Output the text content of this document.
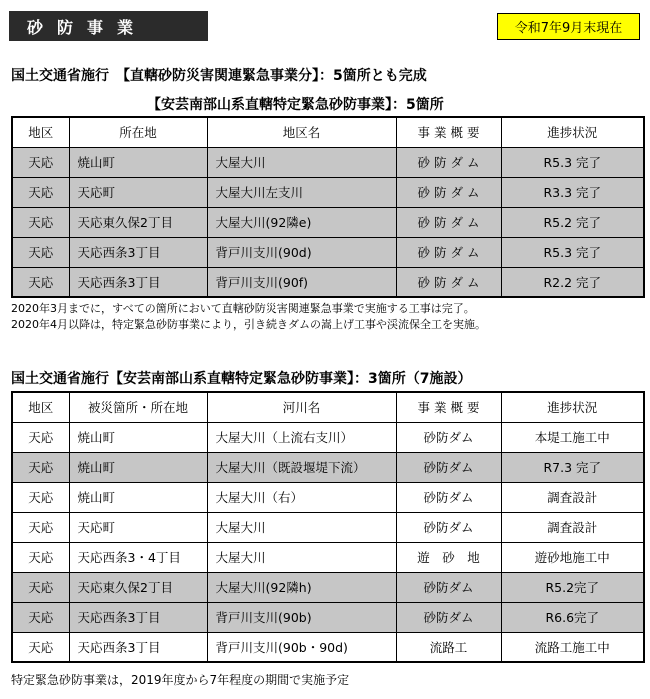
砂防事業	令和7年9月末現在
国土交通省施行　【直轄砂防災害関連緊急事業分】：5箇所とも完成
【安芸南部山系直轄特定緊急砂防事業】：5箇所
地区	所在地	地区名	事 業 概 要	進捗状況
天応	焼山町	大屋大川	砂 防 ダ ム	R5.3 完了
天応	天応町	大屋大川左支川	砂 防 ダ ム	R3.3 完了
天応	天応東久保2丁目	大屋大川(92隣e)	砂 防 ダ ム	R5.2 完了
天応	天応西条3丁目	背戸川支川(90d)	砂 防 ダ ム	R5.3 完了
天応	天応西条3丁目	背戸川支川(90f)	砂 防 ダ ム	R2.2 完了
2020年3月までに，すべての箇所において直轄砂防災害関連緊急事業で実施する工事は完了。
2020年4月以降は，特定緊急砂防事業により，引き続きダムの嵩上げ工事や渓流保全工を実施。
国土交通省施行【安芸南部山系直轄特定緊急砂防事業】：3箇所（7施設）
地区	被災箇所・所在地	河川名	事 業 概 要	進捗状況
天応	焼山町	大屋大川（上流右支川）	砂防ダム	本堤工施工中
天応	焼山町	大屋大川（既設堰堤下流）	砂防ダム	R7.3 完了
天応	焼山町	大屋大川（右）	砂防ダム	調査設計
天応	天応町	大屋大川	砂防ダム	調査設計
天応	天応西条3・4丁目	大屋大川	遊　砂　地	遊砂地施工中
天応	天応東久保2丁目	大屋大川(92隣h)	砂防ダム	R5.2完了
天応	天応西条3丁目	背戸川支川(90b)	砂防ダム	R6.6完了
天応	天応西条3丁目	背戸川支川(90b・90d)	流路工	流路工施工中
特定緊急砂防事業は，2019年度から7年程度の期間で実施予定
